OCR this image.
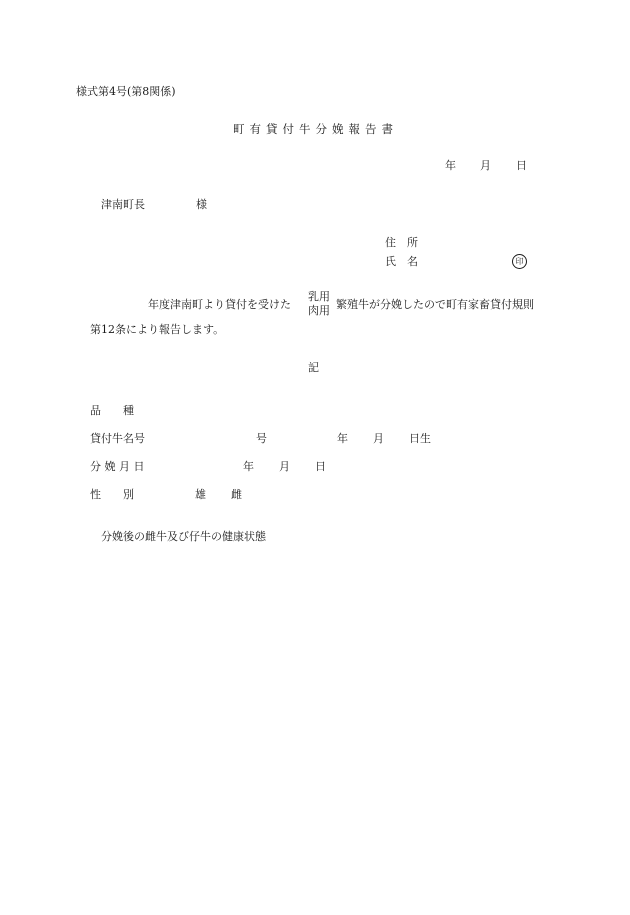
様式第4号(第8関係)
町有貸付牛分娩報告書
年 月 日
津南町長	様
住　所
氏　名	印
年度津南町より貸付を受けた
乳用
肉用 繁殖牛が分娩したので町有家畜貸付規則
第12条により報告します。
記
品　　種
貸付牛名号	号	年 月 日生
分 娩 月 日	年 月 日
性　　別	雄 雌
分娩後の雌牛及び仔牛の健康状態
